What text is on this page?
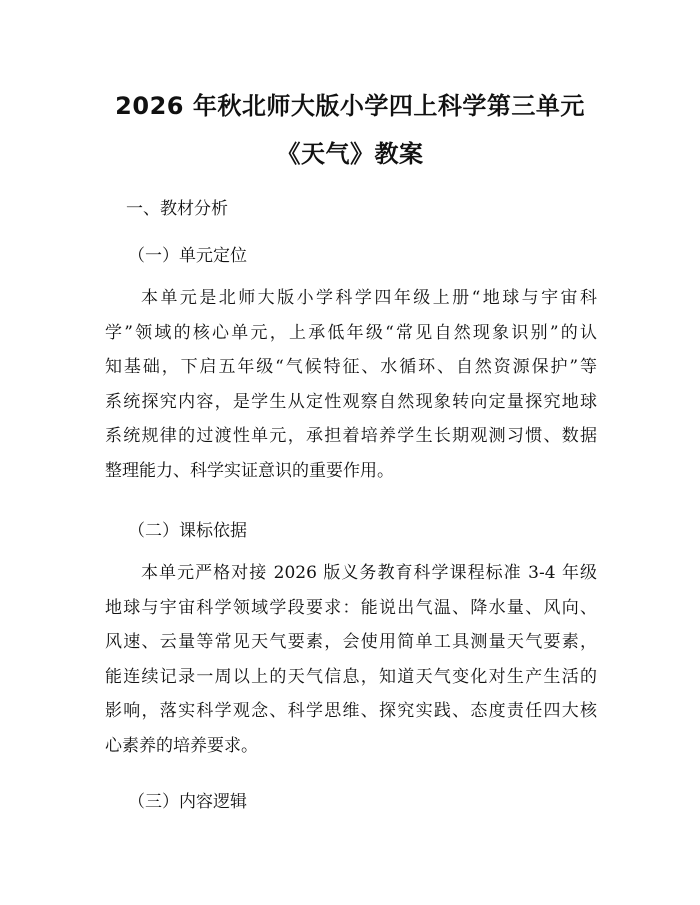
2026 年秋北师大版小学四上科学第三单元
《天气》教案
一、教材分析
（一）单元定位
本单元是北师大版小学科学四年级上册“地球与宇宙科
学”领域的核心单元，上承低年级“常见自然现象识别”的认
知基础，下启五年级“气候特征、水循环、自然资源保护”等
系统探究内容，是学生从定性观察自然现象转向定量探究地球
系统规律的过渡性单元，承担着培养学生长期观测习惯、数据
整理能力、科学实证意识的重要作用。
（二）课标依据
本单元严格对接 2026 版义务教育科学课程标准 3-4 年级
地球与宇宙科学领域学段要求：能说出气温、降水量、风向、
风速、云量等常见天气要素，会使用简单工具测量天气要素，
能连续记录一周以上的天气信息，知道天气变化对生产生活的
影响，落实科学观念、科学思维、探究实践、态度责任四大核
心素养的培养要求。
（三）内容逻辑
